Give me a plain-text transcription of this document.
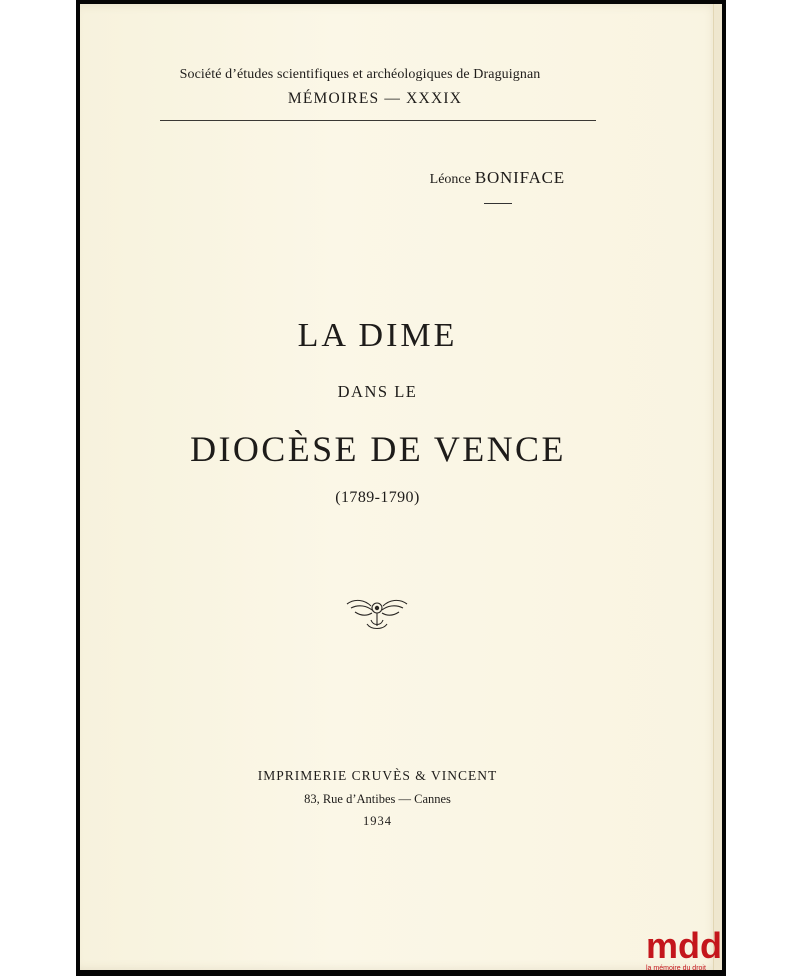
Société d’études scientifiques et archéologiques de Draguignan
MÉMOIRES — XXXIX
Léonce BONIFACE
LA DIME
DANS LE
DIOCÈSE DE VENCE
(1789-1790)
IMPRIMERIE CRUVÈS & VINCENT
83, Rue d’Antibes — Cannes
1934
mdd
la mémoire du droit
